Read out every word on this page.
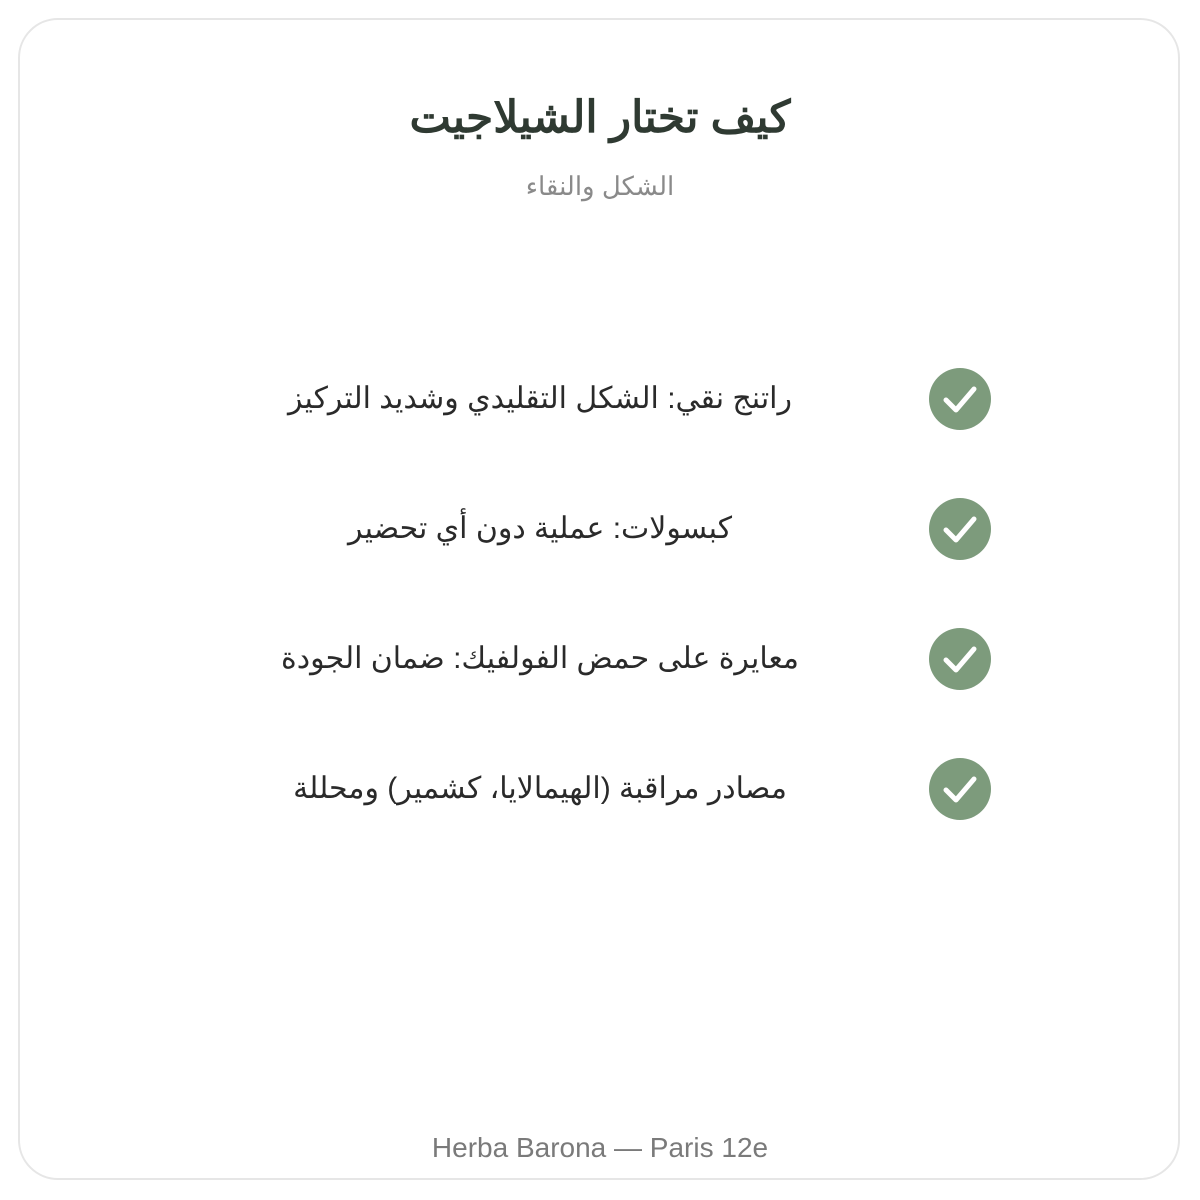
كيف تختار الشيلاجيت
الشكل والنقاء
راتنج نقي: الشكل التقليدي وشديد التركيز
كبسولات: عملية دون أي تحضير
معايرة على حمض الفولفيك: ضمان الجودة
مصادر مراقبة (الهيمالايا، كشمير) ومحللة
Herba Barona — Paris 12e
